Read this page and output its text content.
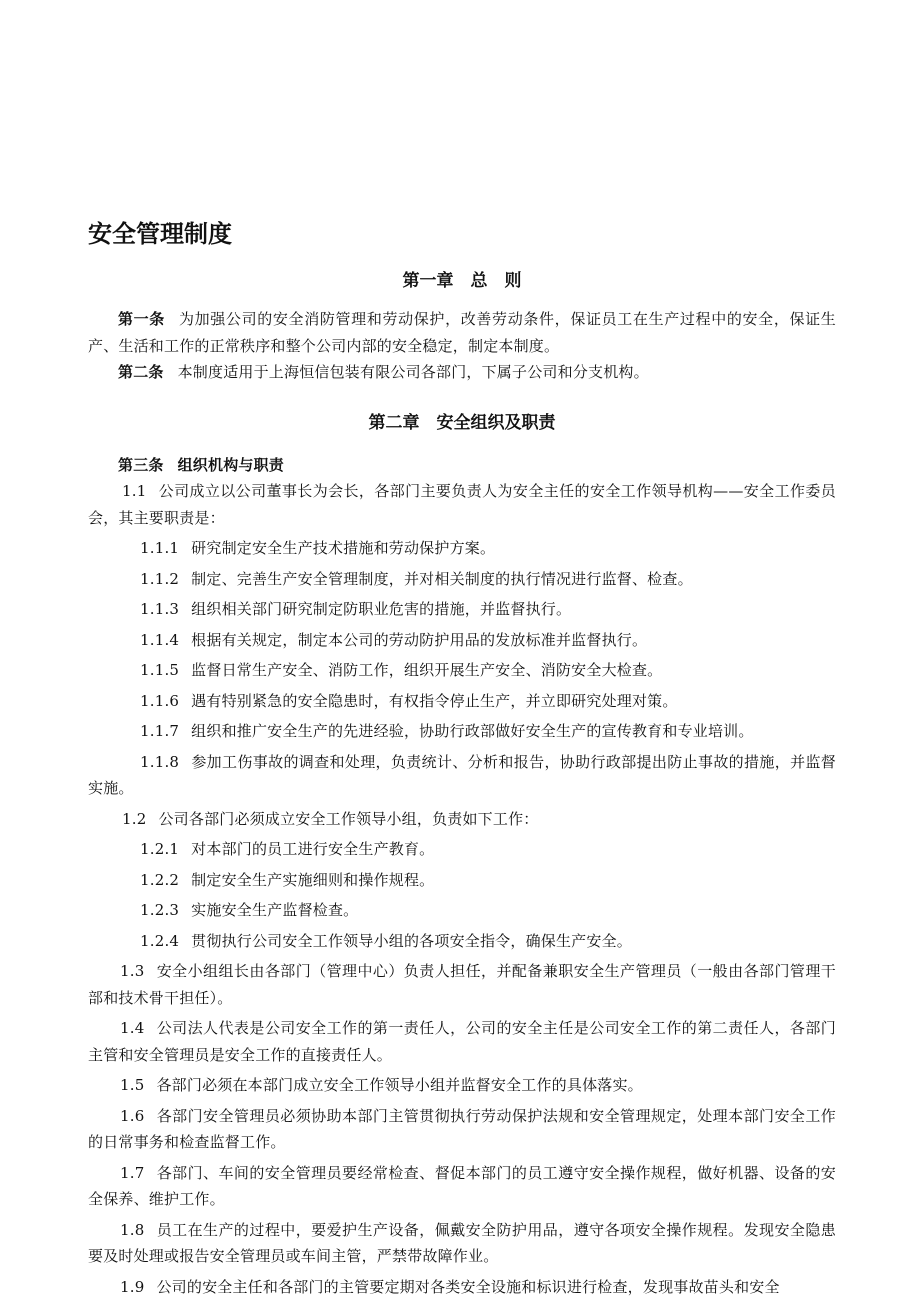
安全管理制度
第一章　总　则

第一条 为加强公司的安全消防管理和劳动保护，改善劳动条件，保证员工在生产过程中的安全，保证生产、生活和工作的正常秩序和整个公司内部的安全稳定，制定本制度。

第二条 本制度适用于上海恒信包装有限公司各部门，下属子公司和分支机构。

第二章　安全组织及职责

第三条 组织机构与职责

1.1 公司成立以公司董事长为会长，各部门主要负责人为安全主任的安全工作领导机构——安全工作委员会，其主要职责是：

1.1.1 研究制定安全生产技术措施和劳动保护方案。

1.1.2 制定、完善生产安全管理制度，并对相关制度的执行情况进行监督、检查。

1.1.3 组织相关部门研究制定防职业危害的措施，并监督执行。

1.1.4 根据有关规定，制定本公司的劳动防护用品的发放标准并监督执行。

1.1.5 监督日常生产安全、消防工作，组织开展生产安全、消防安全大检查。

1.1.6 遇有特别紧急的安全隐患时，有权指令停止生产，并立即研究处理对策。

1.1.7 组织和推广安全生产的先进经验，协助行政部做好安全生产的宣传教育和专业培训。

1.1.8 参加工伤事故的调查和处理，负责统计、分析和报告，协助行政部提出防止事故的措施，并监督实施。

1.2 公司各部门必须成立安全工作领导小组，负责如下工作：

1.2.1 对本部门的员工进行安全生产教育。

1.2.2 制定安全生产实施细则和操作规程。

1.2.3 实施安全生产监督检查。

1.2.4 贯彻执行公司安全工作领导小组的各项安全指令，确保生产安全。

1.3 安全小组组长由各部门（管理中心）负责人担任，并配备兼职安全生产管理员（一般由各部门管理干部和技术骨干担任）。

1.4 公司法人代表是公司安全工作的第一责任人，公司的安全主任是公司安全工作的第二责任人，各部门主管和安全管理员是安全工作的直接责任人。

1.5 各部门必须在本部门成立安全工作领导小组并监督安全工作的具体落实。

1.6 各部门安全管理员必须协助本部门主管贯彻执行劳动保护法规和安全管理规定，处理本部门安全工作的日常事务和检查监督工作。

1.7 各部门、车间的安全管理员要经常检查、督促本部门的员工遵守安全操作规程，做好机器、设备的安全保养、维护工作。

1.8 员工在生产的过程中，要爱护生产设备，佩戴安全防护用品，遵守各项安全操作规程。发现安全隐患要及时处理或报告安全管理员或车间主管，严禁带故障作业。

1.9 公司的安全主任和各部门的主管要定期对各类安全设施和标识进行检查，发现事故苗头和安全
